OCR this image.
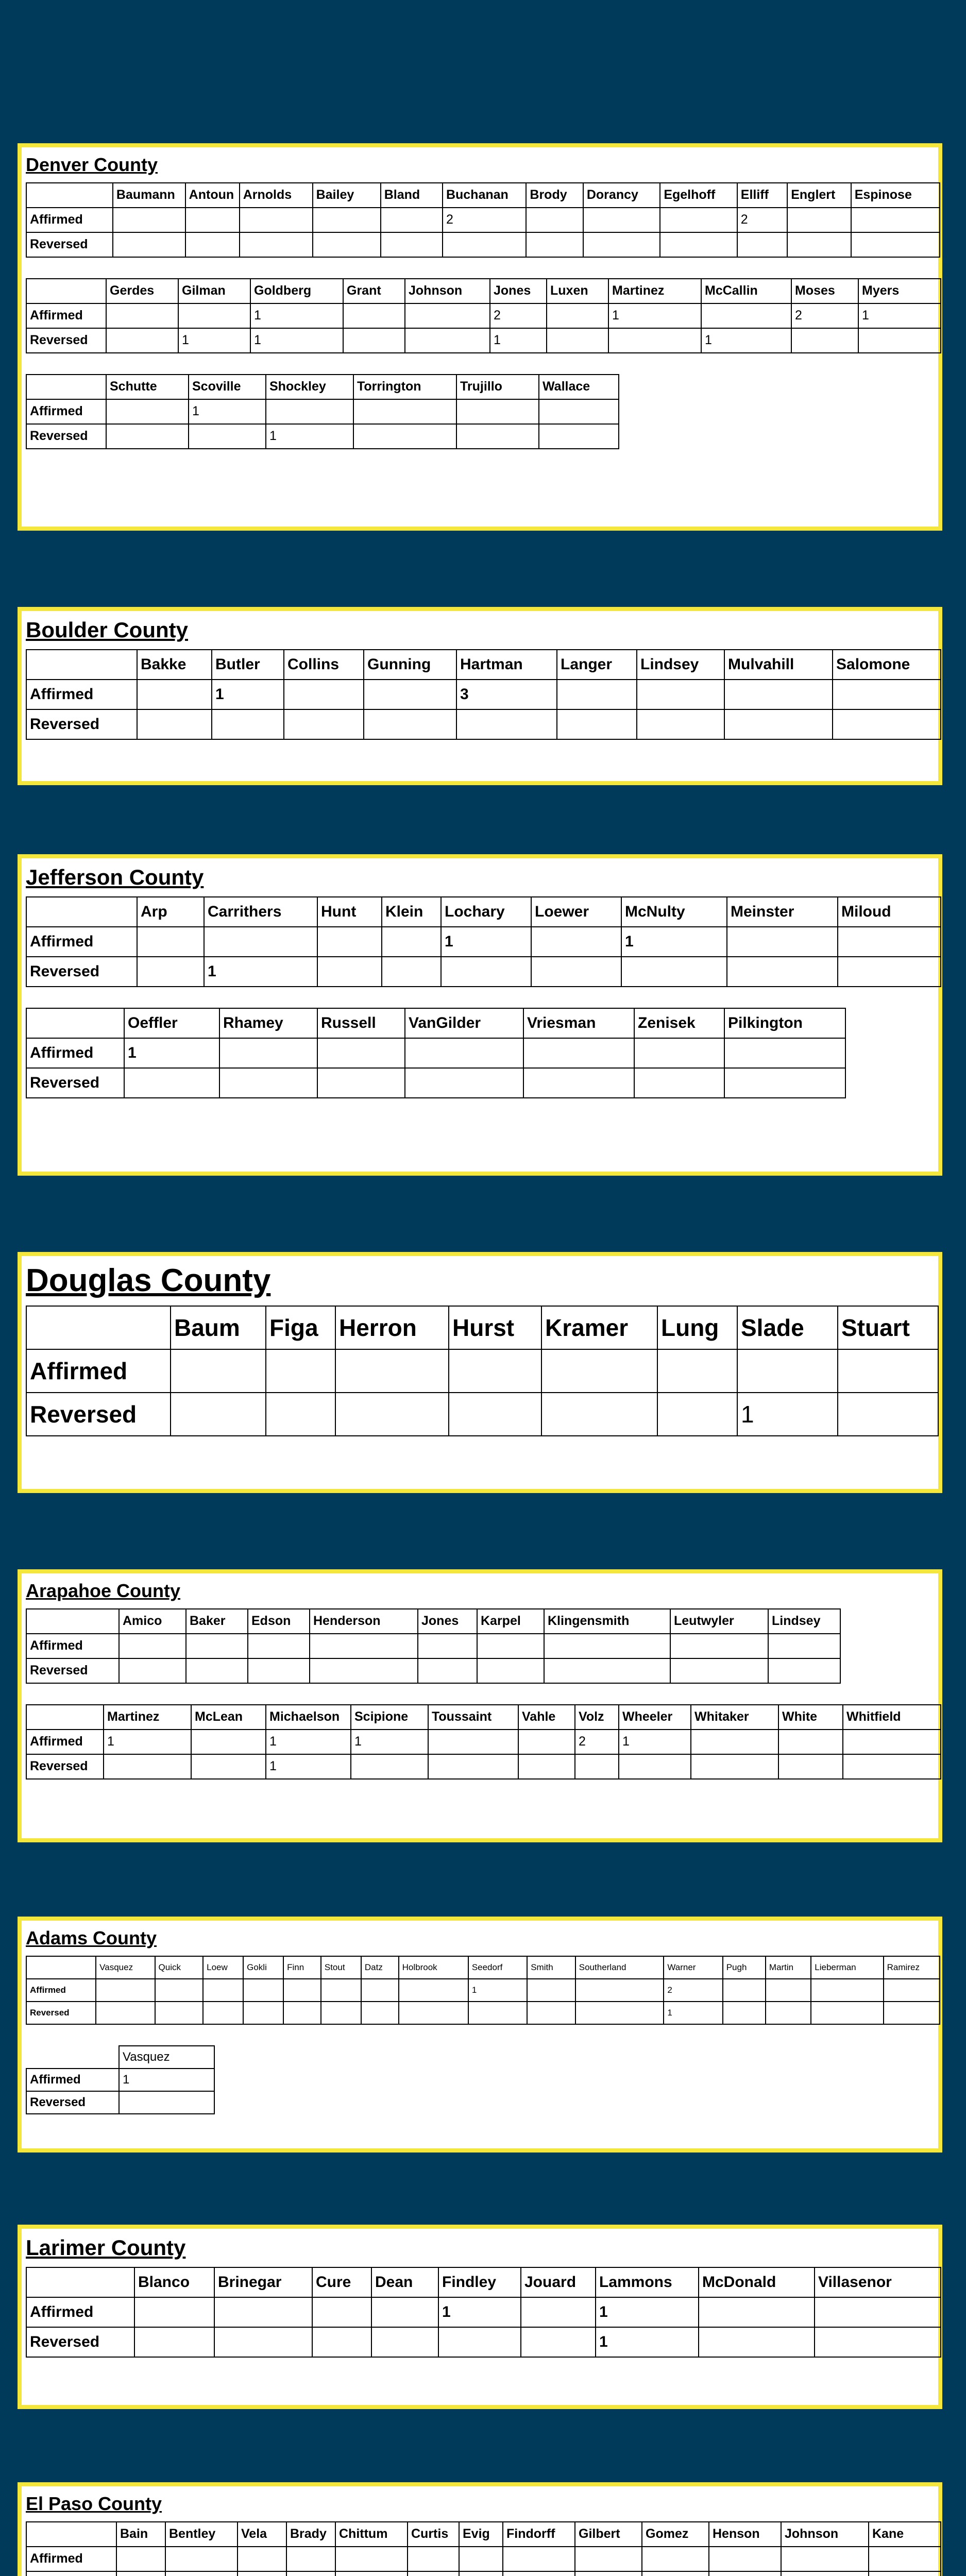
Denver County
	Baumann	Antoun	Arnolds	Bailey	Bland	Buchanan	Brody	Dorancy	Egelhoff	Elliff	Englert	Espinose
Affirmed						2				2		
Reversed												
	Gerdes	Gilman	Goldberg	Grant	Johnson	Jones	Luxen	Martinez	McCallin	Moses	Myers
Affirmed			1			2		1		2	1
Reversed		1	1			1			1		
	Schutte	Scoville	Shockley	Torrington	Trujillo	Wallace
Affirmed		1				
Reversed			1			
Boulder County
	Bakke	Butler	Collins	Gunning	Hartman	Langer	Lindsey	Mulvahill	Salomone
Affirmed		1			3				
Reversed									
Jefferson County
	Arp	Carrithers	Hunt	Klein	Lochary	Loewer	McNulty	Meinster	Miloud
Affirmed					1		1		
Reversed		1							
	Oeffler	Rhamey	Russell	VanGilder	Vriesman	Zenisek	Pilkington
Affirmed	1						
Reversed							
Douglas County
	Baum	Figa	Herron	Hurst	Kramer	Lung	Slade	Stuart
Affirmed								
Reversed							1	
Arapahoe County
	Amico	Baker	Edson	Henderson	Jones	Karpel	Klingensmith	Leutwyler	Lindsey
Affirmed									
Reversed									
	Martinez	McLean	Michaelson	Scipione	Toussaint	Vahle	Volz	Wheeler	Whitaker	White	Whitfield
Affirmed	1		1	1			2	1			
Reversed			1								
Adams County
	Vasquez	Quick	Loew	Gokli	Finn	Stout	Datz	Holbrook	Seedorf	Smith	Southerland	Warner	Pugh	Martin	Lieberman	Ramirez
Affirmed									1			2				
Reversed												1				
	Vasquez
Affirmed	1
Reversed	
Larimer County
	Blanco	Brinegar	Cure	Dean	Findley	Jouard	Lammons	McDonald	Villasenor
Affirmed					1		1		
Reversed							1		
El Paso County
	Bain	Bentley	Vela	Brady	Chittum	Curtis	Evig	Findorff	Gilbert	Gomez	Henson	Johnson	Kane
Affirmed													
